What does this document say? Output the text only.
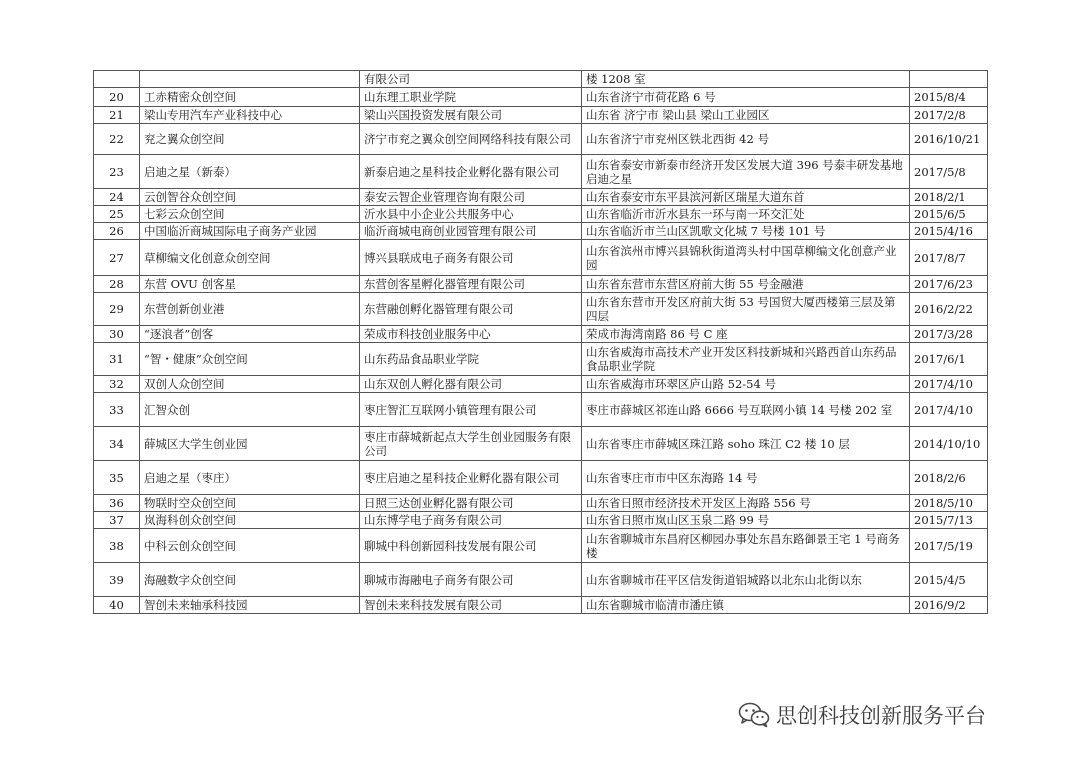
		有限公司	楼 1208 室	
20	工赤精密众创空间	山东理工职业学院	山东省济宁市荷花路 6 号	2015/8/4
21	梁山专用汽车产业科技中心	梁山兴国投资发展有限公司	山东省 济宁市 梁山县 梁山工业园区	2017/2/8
22	兖之翼众创空间	济宁市兖之翼众创空间网络科技有限公司	山东省济宁市兖州区铁北西街 42 号	2016/10/21
23	启迪之星（新泰）	新泰启迪之星科技企业孵化器有限公司	山东省泰安市新泰市经济开发区发展大道 396 号泰丰研发基地启迪之星	2017/5/8
24	云创智谷众创空间	泰安云智企业管理咨询有限公司	山东省泰安市东平县滨河新区瑞星大道东首	2018/2/1
25	七彩云众创空间	沂水县中小企业公共服务中心	山东省临沂市沂水县东一环与南一环交汇处	2015/6/5
26	中国临沂商城国际电子商务产业园	临沂商城电商创业园管理有限公司	山东省临沂市兰山区凯歌文化城 7 号楼 101 号	2015/4/16
27	草柳编文化创意众创空间	博兴县联成电子商务有限公司	山东省滨州市博兴县锦秋街道湾头村中国草柳编文化创意产业园	2017/8/7
28	东营 OVU 创客星	东营创客星孵化器管理有限公司	山东省东营市东营区府前大街 55 号金融港	2017/6/23
29	东营创新创业港	东营融创孵化器管理有限公司	山东省东营市开发区府前大街 53 号国贸大厦西楼第三层及第四层	2016/2/22
30	“逐浪者”创客	荣成市科技创业服务中心	荣成市海湾南路 86 号 C 座	2017/3/28
31	“智・健康”众创空间	山东药品食品职业学院	山东省威海市高技术产业开发区科技新城和兴路西首山东药品食品职业学院	2017/6/1
32	双创人众创空间	山东双创人孵化器有限公司	山东省威海市环翠区庐山路 52-54 号	2017/4/10
33	汇智众创	枣庄智汇互联网小镇管理有限公司	枣庄市薛城区祁连山路 6666 号互联网小镇 14 号楼 202 室	2017/4/10
34	薛城区大学生创业园	枣庄市薛城新起点大学生创业园服务有限公司	山东省枣庄市薛城区珠江路 soho 珠江 C2 楼 10 层	2014/10/10
35	启迪之星（枣庄）	枣庄启迪之星科技企业孵化器有限公司	山东省枣庄市市中区东海路 14 号	2018/2/6
36	物联时空众创空间	日照三达创业孵化器有限公司	山东省日照市经济技术开发区上海路 556 号	2018/5/10
37	岚海科创众创空间	山东博学电子商务有限公司	山东省日照市岚山区玉泉二路 99 号	2015/7/13
38	中科云创众创空间	聊城中科创新园科技发展有限公司	山东省聊城市东昌府区柳园办事处东昌东路御景王宅 1 号商务楼	2017/5/19
39	海融数字众创空间	聊城市海融电子商务有限公司	山东省聊城市茌平区信发街道铝城路以北东山北街以东	2015/4/5
40	智创未来轴承科技园	智创未来科技发展有限公司	山东省聊城市临清市潘庄镇	2016/9/2
思创科技创新服务平台
